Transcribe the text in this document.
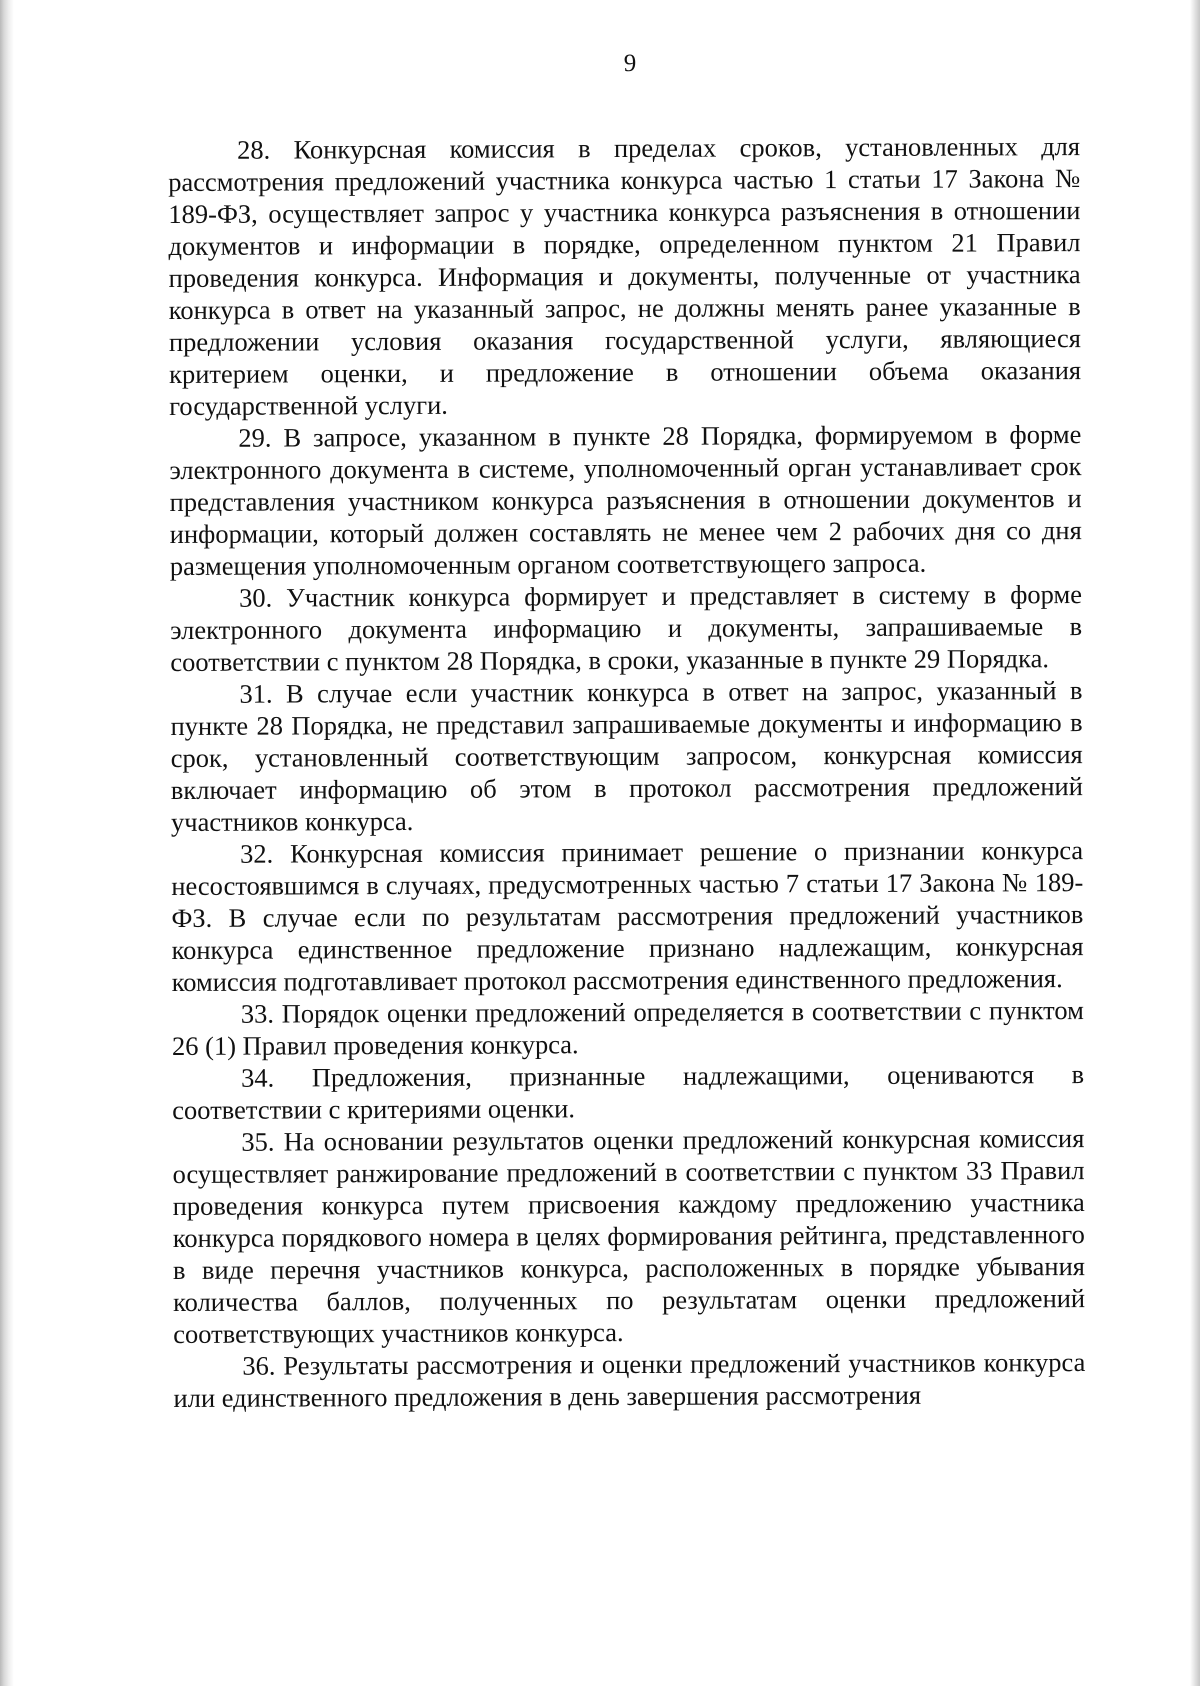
9

28. Конкурсная комиссия в пределах сроков, установленных для рассмотрения предложений участника конкурса частью 1 статьи 17 Закона № 189-ФЗ, осуществляет запрос у участника конкурса разъяснения в отношении документов и информации в порядке, определенном пунктом 21 Правил проведения конкурса. Информация и документы, полученные от участника конкурса в ответ на указанный запрос, не должны менять ранее указанные в предложении условия оказания государственной услуги, являющиеся критерием оценки, и предложение в отношении объема оказания государственной услуги.

29. В запросе, указанном в пункте 28 Порядка, формируемом в форме электронного документа в системе, уполномоченный орган устанавливает срок представления участником конкурса разъяснения в отношении документов и информации, который должен составлять не менее чем 2 рабочих дня со дня размещения уполномоченным органом соответствующего запроса.

30. Участник конкурса формирует и представляет в систему в форме электронного документа информацию и документы, запрашиваемые в соответствии с пунктом 28 Порядка, в сроки, указанные в пункте 29 Порядка.

31. В случае если участник конкурса в ответ на запрос, указанный в пункте 28 Порядка, не представил запрашиваемые документы и информацию в срок, установленный соответствующим запросом, конкурсная комиссия включает информацию об этом в протокол рассмотрения предложений участников конкурса.

32. Конкурсная комиссия принимает решение о признании конкурса несостоявшимся в случаях, предусмотренных частью 7 статьи 17 Закона № 189-ФЗ. В случае если по результатам рассмотрения предложений участников конкурса единственное предложение признано надлежащим, конкурсная комиссия подготавливает протокол рассмотрения единственного предложения.

33. Порядок оценки предложений определяется в соответствии с пунктом 26 (1) Правил проведения конкурса.

34. Предложения, признанные надлежащими, оцениваются в соответствии с критериями оценки.

35. На основании результатов оценки предложений конкурсная комиссия осуществляет ранжирование предложений в соответствии с пунктом 33 Правил проведения конкурса путем присвоения каждому предложению участника конкурса порядкового номера в целях формирования рейтинга, представленного в виде перечня участников конкурса, расположенных в порядке убывания количества баллов, полученных по результатам оценки предложений соответствующих участников конкурса.

36. Результаты рассмотрения и оценки предложений участников конкурса или единственного предложения в день завершения рассмотрения
